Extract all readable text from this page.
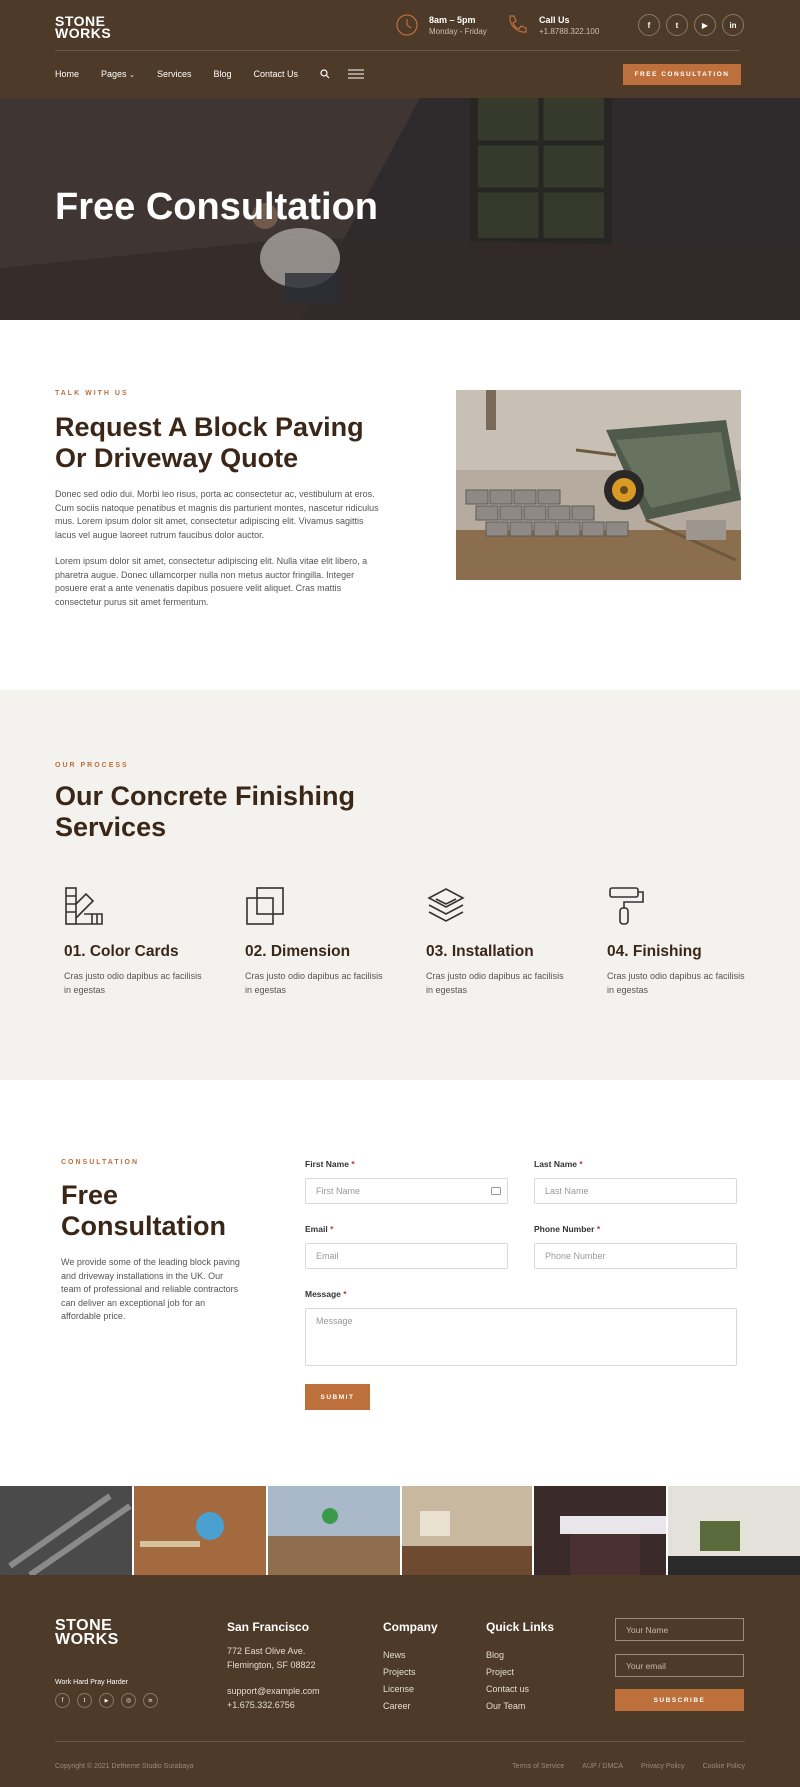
STONE
WORKS
8am – 5pm
Monday - Friday
Call Us
+1.8788.322.100
f	t	▶	in
Home Pages ⌄ Services Blog Contact Us	FREE CONSULTATION
Free Consultation
TALK WITH US
Request A Block Paving Or Driveway Quote
Donec sed odio dui. Morbi leo risus, porta ac consectetur ac, vestibulum at eros. Cum sociis natoque penatibus et magnis dis parturient montes, nascetur ridiculus mus. Lorem ipsum dolor sit amet, consectetur adipiscing elit. Vivamus sagittis lacus vel augue laoreet rutrum faucibus dolor auctor.
Lorem ipsum dolor sit amet, consectetur adipiscing elit. Nulla vitae elit libero, a pharetra augue. Donec ullamcorper nulla non metus auctor fringilla. Integer posuere erat a ante venenatis dapibus posuere velit aliquet. Cras mattis consectetur purus sit amet fermentum.
OUR PROCESS
Our Concrete Finishing Services
01. Color Cards
Cras justo odio dapibus ac facilisis in egestas
02. Dimension
Cras justo odio dapibus ac facilisis in egestas
03. Installation
Cras justo odio dapibus ac facilisis in egestas
04. Finishing
Cras justo odio dapibus ac facilisis in egestas
CONSULTATION
Free Consultation
We provide some of the leading block paving and driveway installations in the UK. Our team of professional and reliable contractors can deliver an exceptional job for an affordable price.
First Name *
First Name
Last Name *
Last Name
Email *
Email
Phone Number *
Phone Number
Message *
Message
SUBMIT
STONE
WORKS
Work Hard Pray Harder
f	t	▶	◎	in
San Francisco
772 East Olive Ave.
Flemington, SF 08822
support@example.com
+1.675.332.6756
Company
News
Projects
License
Career
Quick Links
Blog
Project
Contact us
Our Team
Your Name
Your email
SUBSCRIBE
Copyright © 2021 Detheme Studio Surabaya	Terms of Service	AUP / DMCA	Privacy Policy	Cookie Policy
